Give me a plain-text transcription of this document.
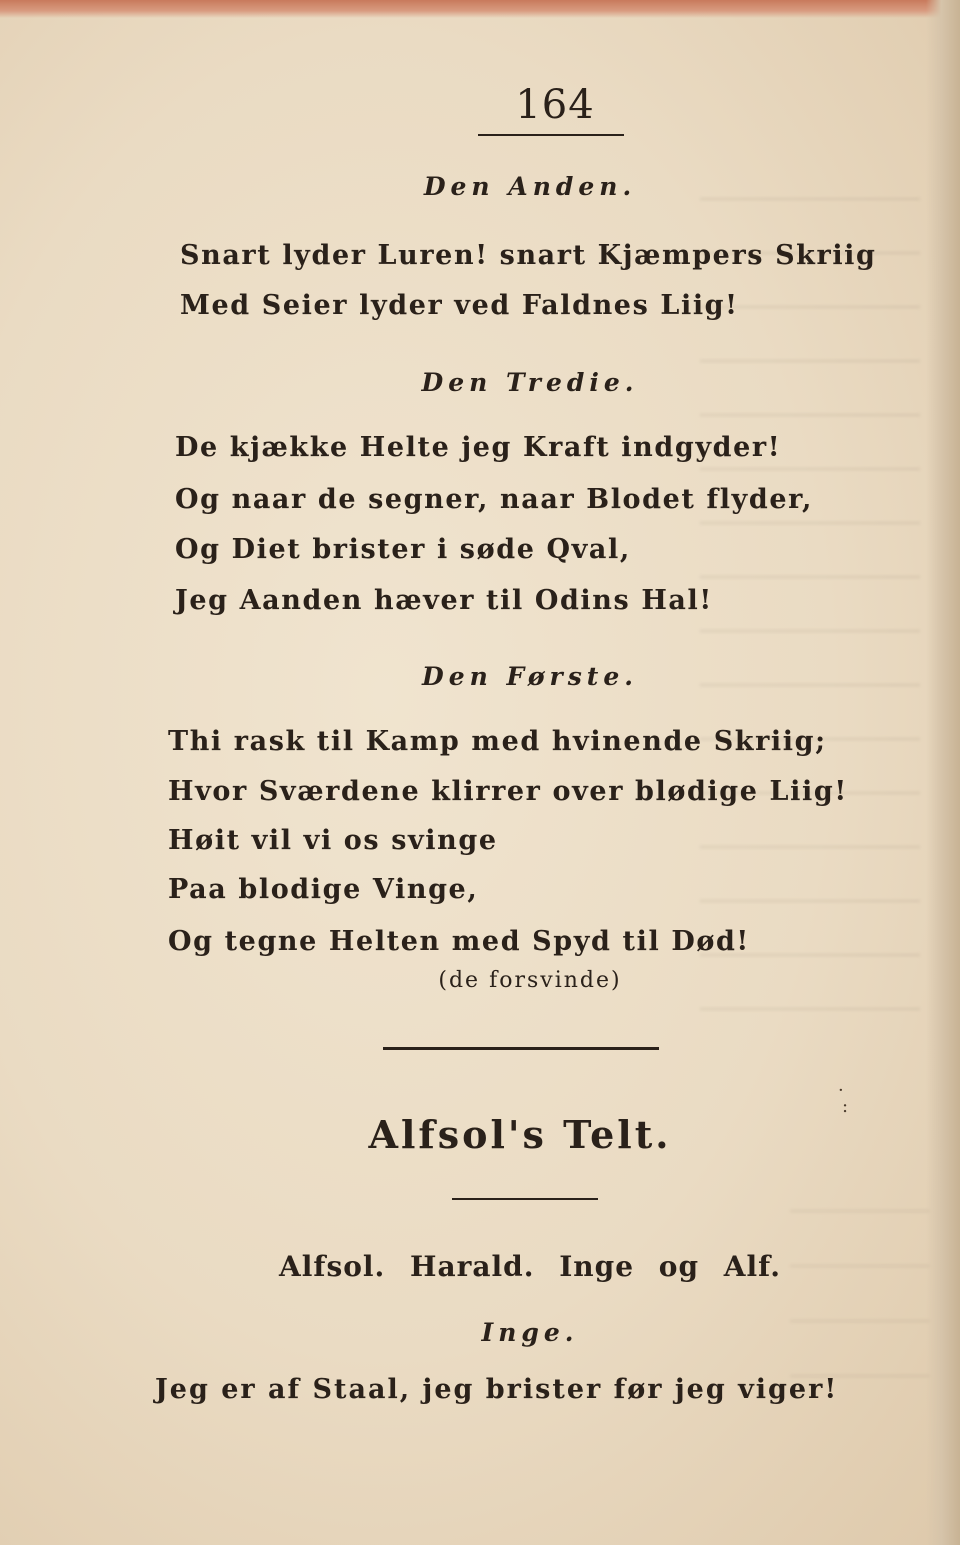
164
Den Anden.
Snart lyder Luren! snart Kjæmpers Skriig
Med Seier lyder ved Faldnes Liig!
Den Tredie.
De kjække Helte jeg Kraft indgyder!
Og naar de segner, naar Blodet flyder,
Og Diet brister i søde Qval,
Jeg Aanden hæver til Odins Hal!
Den Første.
Thi rask til Kamp med hvinende Skriig;
Hvor Sværdene klirrer over blødige Liig!
Høit vil vi os svinge
Paa blodige Vinge,
Og tegne Helten med Spyd til Død!
(de forsvinde)
Alfsol's Telt.
Alfsol. Harald. Inge og Alf.
Inge.
Jeg er af Staal, jeg brister før jeg viger!
·
:
